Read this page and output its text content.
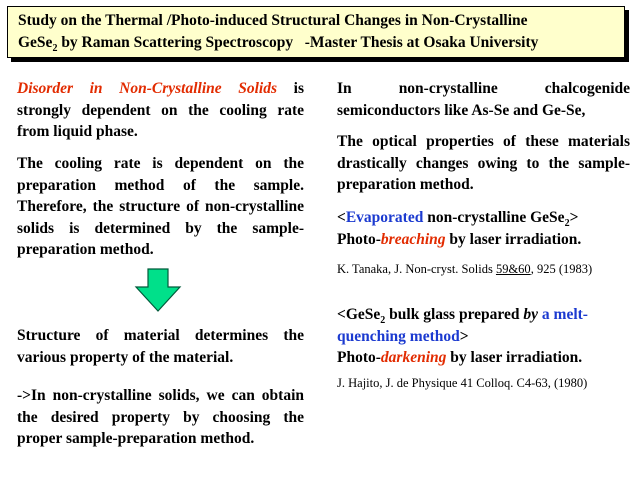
Study on the Thermal /Photo-induced Structural Changes in Non-Crystalline
GeSe$_2$ by Raman Scattering Spectroscopy   -Master Thesis at Osaka University

Disorder in Non-Crystalline Solids is strongly dependent on the cooling rate from liquid phase.

The cooling rate is dependent on the preparation method of the sample. Therefore, the structure of non-crystalline solids is determined by the sample-preparation method.

Structure of material determines the various property of the material.

->In non-crystalline solids, we can obtain the desired property by choosing the proper sample-preparation method.

In non-crystalline chalcogenide semiconductors like As-Se and Ge-Se,

The optical properties of these materials drastically changes owing to the sample-preparation method.

<Evaporated non-crystalline GeSe$_2$>
Photo-breaching by laser irradiation.
K. Tanaka, J. Non-cryst. Solids 59&60, 925 (1983)
<GeSe$_2$ bulk glass prepared by a melt-quenching method>
Photo-darkening by laser irradiation.
J. Hajito, J. de Physique 41 Colloq. C4-63, (1980)
